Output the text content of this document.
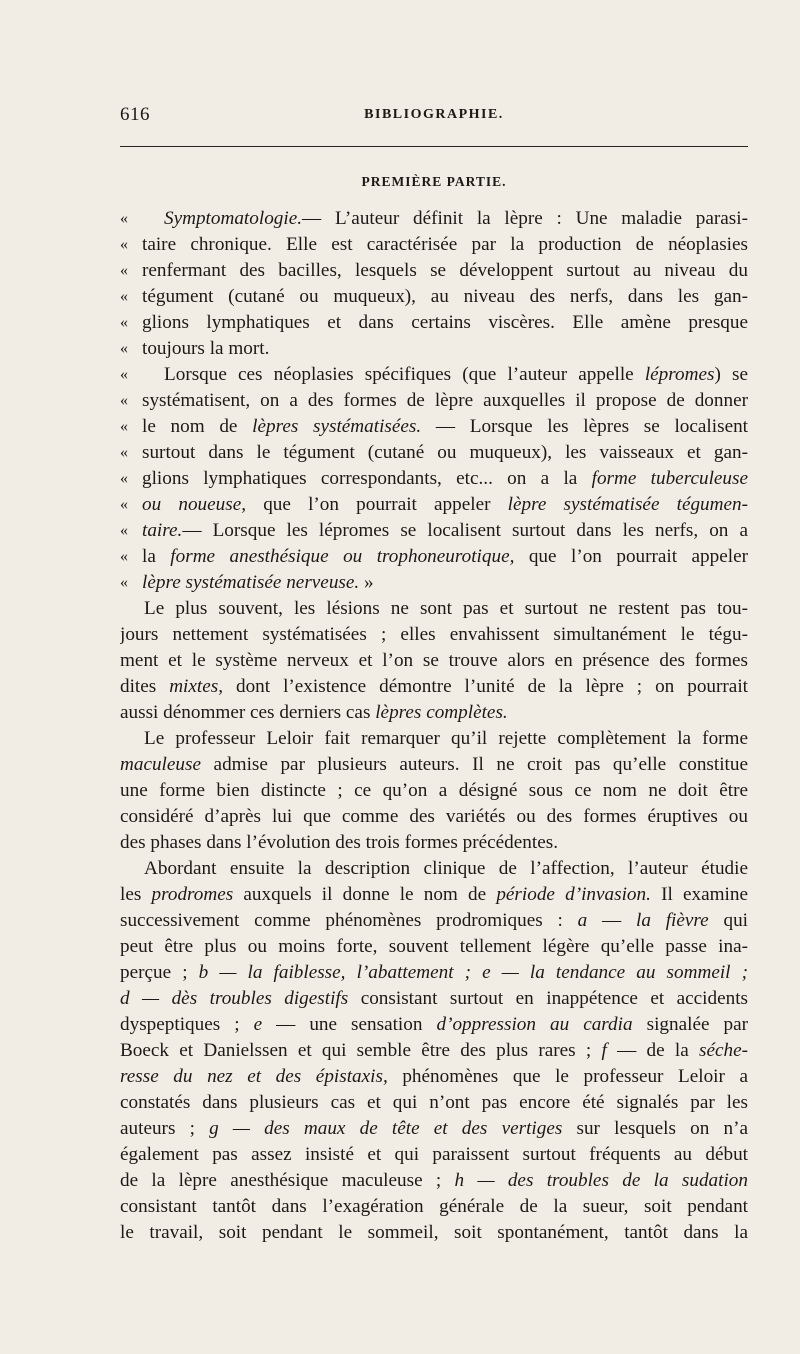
616	BIBLIOGRAPHIE.
PREMIÈRE PARTIE.
« Symptomatologie.— L’auteur définit la lèpre : Une maladie parasi-
« taire chronique. Elle est caractérisée par la production de néoplasies
« renfermant des bacilles, lesquels se développent surtout au niveau du
« tégument (cutané ou muqueux), au niveau des nerfs, dans les gan-
« glions lymphatiques et dans certains viscères. Elle amène presque
« toujours la mort.
« Lorsque ces néoplasies spécifiques (que l’auteur appelle lépromes) se
« systématisent, on a des formes de lèpre auxquelles il propose de donner
« le nom de lèpres systématisées. — Lorsque les lèpres se localisent
« surtout dans le tégument (cutané ou muqueux), les vaisseaux et gan-
« glions lymphatiques correspondants, etc... on a la forme tuberculeuse
« ou noueuse, que l’on pourrait appeler lèpre systématisée tégumen-
« taire.— Lorsque les lépromes se localisent surtout dans les nerfs, on a
« la forme anesthésique ou trophoneurotique, que l’on pourrait appeler
« lèpre systématisée nerveuse. »
Le plus souvent, les lésions ne sont pas et surtout ne restent pas tou-
jours nettement systématisées ; elles envahissent simultanément le tégu-
ment et le système nerveux et l’on se trouve alors en présence des formes
dites mixtes, dont l’existence démontre l’unité de la lèpre ; on pourrait
aussi dénommer ces derniers cas lèpres complètes.
Le professeur Leloir fait remarquer qu’il rejette complètement la forme
maculeuse admise par plusieurs auteurs. Il ne croit pas qu’elle constitue
une forme bien distincte ; ce qu’on a désigné sous ce nom ne doit être
considéré d’après lui que comme des variétés ou des formes éruptives ou
des phases dans l’évolution des trois formes précédentes.
Abordant ensuite la description clinique de l’affection, l’auteur étudie
les prodromes auxquels il donne le nom de période d’invasion. Il examine
successivement comme phénomènes prodromiques : a — la fièvre qui
peut être plus ou moins forte, souvent tellement légère qu’elle passe ina-
perçue ; b — la faiblesse, l’abattement ; e — la tendance au sommeil ;
d — dès troubles digestifs consistant surtout en inappétence et accidents
dyspeptiques ; e — une sensation d’oppression au cardia signalée par
Boeck et Danielssen et qui semble être des plus rares ; f — de la séche-
resse du nez et des épistaxis, phénomènes que le professeur Leloir a
constatés dans plusieurs cas et qui n’ont pas encore été signalés par les
auteurs ; g — des maux de tête et des vertiges sur lesquels on n’a
également pas assez insisté et qui paraissent surtout fréquents au début
de la lèpre anesthésique maculeuse ; h — des troubles de la sudation
consistant tantôt dans l’exagération générale de la sueur, soit pendant
le travail, soit pendant le sommeil, soit spontanément, tantôt dans la
